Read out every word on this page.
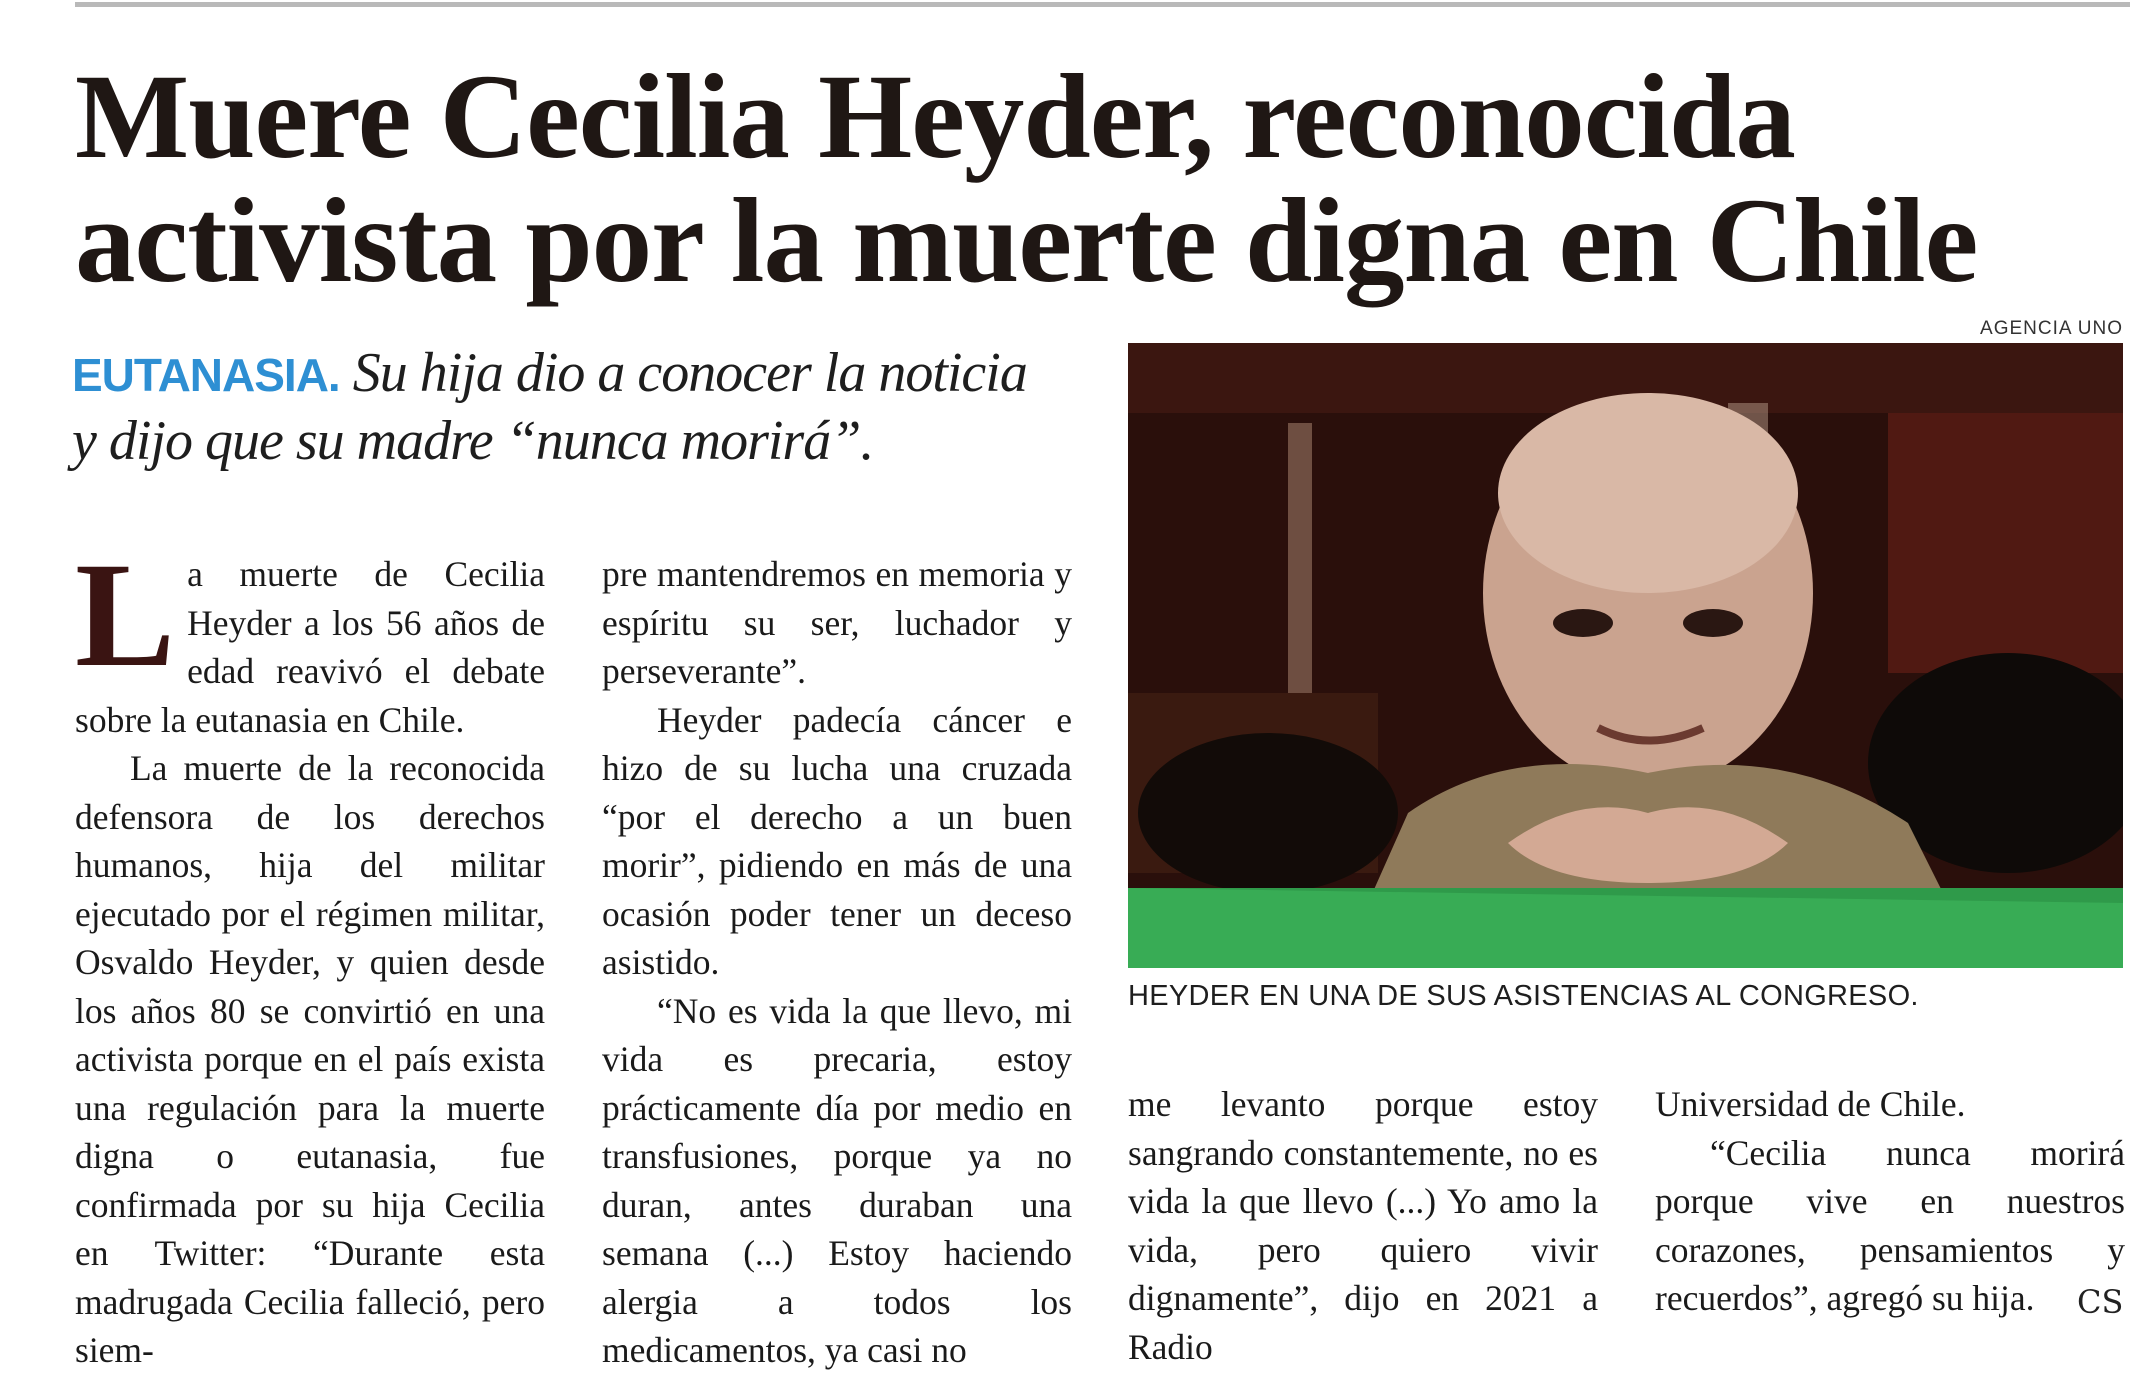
Muere Cecilia Heyder, reconocida
activista por la muerte digna en Chile
EUTANASIA. Su hija dio a conocer la noticia
y dijo que su madre “nunca morirá”.

La muerte de Cecilia Heyder a los 56 años de edad reavivó el debate sobre la eutanasia en Chile.

La muerte de la reconocida defensora de los derechos humanos, hija del militar ejecutado por el régimen militar, Osvaldo Heyder, y quien desde los años 80 se convirtió en una activista porque en el país exista una regulación para la muerte digna o eutanasia, fue confirmada por su hija Cecilia en Twitter: “Durante esta madrugada Cecilia falleció, pero siem-

pre mantendremos en memoria y espíritu su ser, luchador y perseverante”.

Heyder padecía cáncer e hizo de su lucha una cruzada “por el derecho a un buen morir”, pidiendo en más de una ocasión poder tener un deceso asistido.

“No es vida la que llevo, mi vida es precaria, estoy prácticamente día por medio en transfusiones, porque ya no duran, antes duraban una semana (...) Estoy haciendo alergia a todos los medicamentos, ya casi no

AGENCIA UNO
HEYDER EN UNA DE SUS ASISTENCIAS AL CONGRESO.

me levanto porque estoy sangrando constantemente, no es vida la que llevo (...) Yo amo la vida, pero quiero vivir dignamente”, dijo en 2021 a Radio

Universidad de Chile.

“Cecilia nunca morirá porque vive en nuestros corazones, pensamientos y recuerdos”, agregó su hija.	CS
